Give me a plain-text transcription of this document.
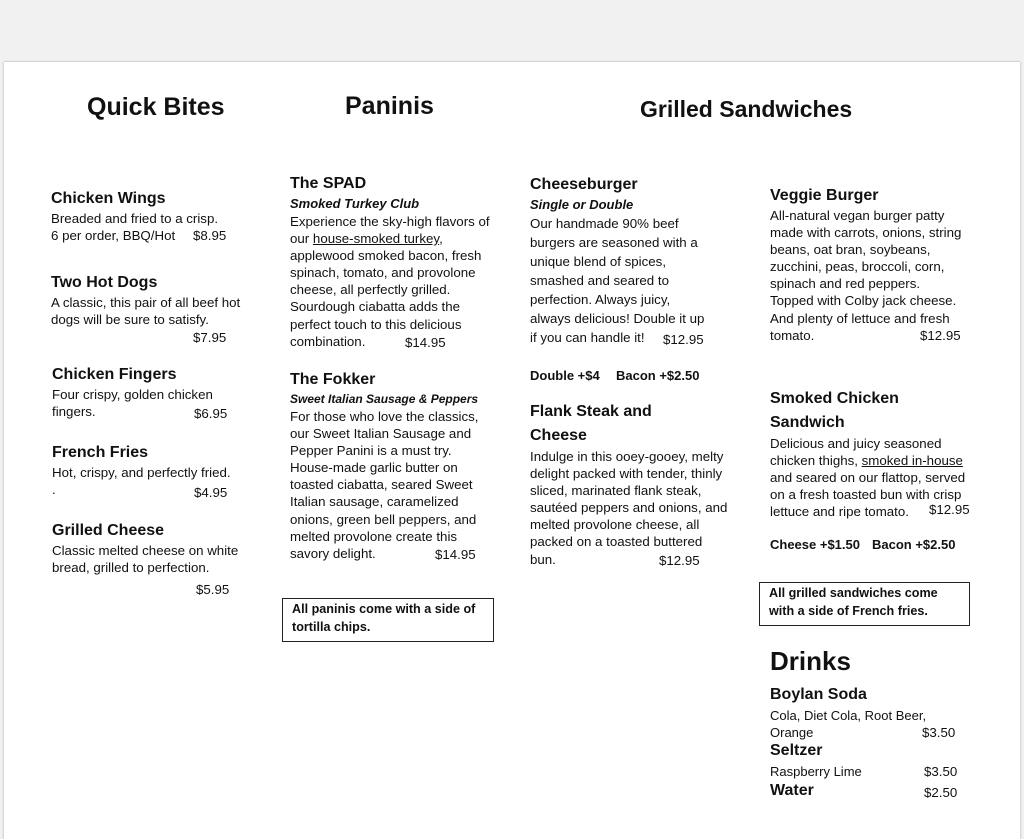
Quick Bites	Paninis	Grilled Sandwiches
Chicken Wings
Breaded and fried to a crisp.
6 per order, BBQ/Hot	$8.95
Two Hot Dogs
A classic, this pair of all beef hot
dogs will be sure to satisfy.
$7.95
Chicken Fingers
Four crispy, golden chicken
fingers.	$6.95
French Fries
Hot, crispy, and perfectly fried.
.	$4.95
Grilled Cheese
Classic melted cheese on white
bread, grilled to perfection.
$5.95
The SPAD
Smoked Turkey Club
Experience the sky-high flavors of
our house-smoked turkey,
applewood smoked bacon, fresh
spinach, tomato, and provolone
cheese, all perfectly grilled.
Sourdough ciabatta adds the
perfect touch to this delicious
combination.	$14.95
The Fokker
Sweet Italian Sausage & Peppers
For those who love the classics,
our Sweet Italian Sausage and
Pepper Panini is a must try.
House-made garlic butter on
toasted ciabatta, seared Sweet
Italian sausage, caramelized
onions, green bell peppers, and
melted provolone create this
savory delight.	$14.95
All paninis come with a side of
tortilla chips.
Cheeseburger
Single or Double
Our handmade 90% beef
burgers are seasoned with a
unique blend of spices,
smashed and seared to
perfection. Always juicy,
always delicious! Double it up
if you can handle it!	$12.95
Double +$4 Bacon +$2.50
Flank Steak and
Cheese
Indulge in this ooey-gooey, melty
delight packed with tender, thinly
sliced, marinated flank steak,
sautéed peppers and onions, and
melted provolone cheese, all
packed on a toasted buttered
bun.	$12.95
Veggie Burger
All-natural vegan burger patty
made with carrots, onions, string
beans, oat bran, soybeans,
zucchini, peas, broccoli, corn,
spinach and red peppers.
Topped with Colby jack cheese.
And plenty of lettuce and fresh
tomato.	$12.95
Smoked Chicken
Sandwich
Delicious and juicy seasoned
chicken thighs, smoked in-house
and seared on our flattop, served
on a fresh toasted bun with crisp
lettuce and ripe tomato.	$12.95
Cheese +$1.50 Bacon +$2.50
All grilled sandwiches come
with a side of French fries.
Drinks
Boylan Soda
Cola, Diet Cola, Root Beer,
Orange	$3.50
Seltzer
Raspberry Lime	$3.50
Water	$2.50
